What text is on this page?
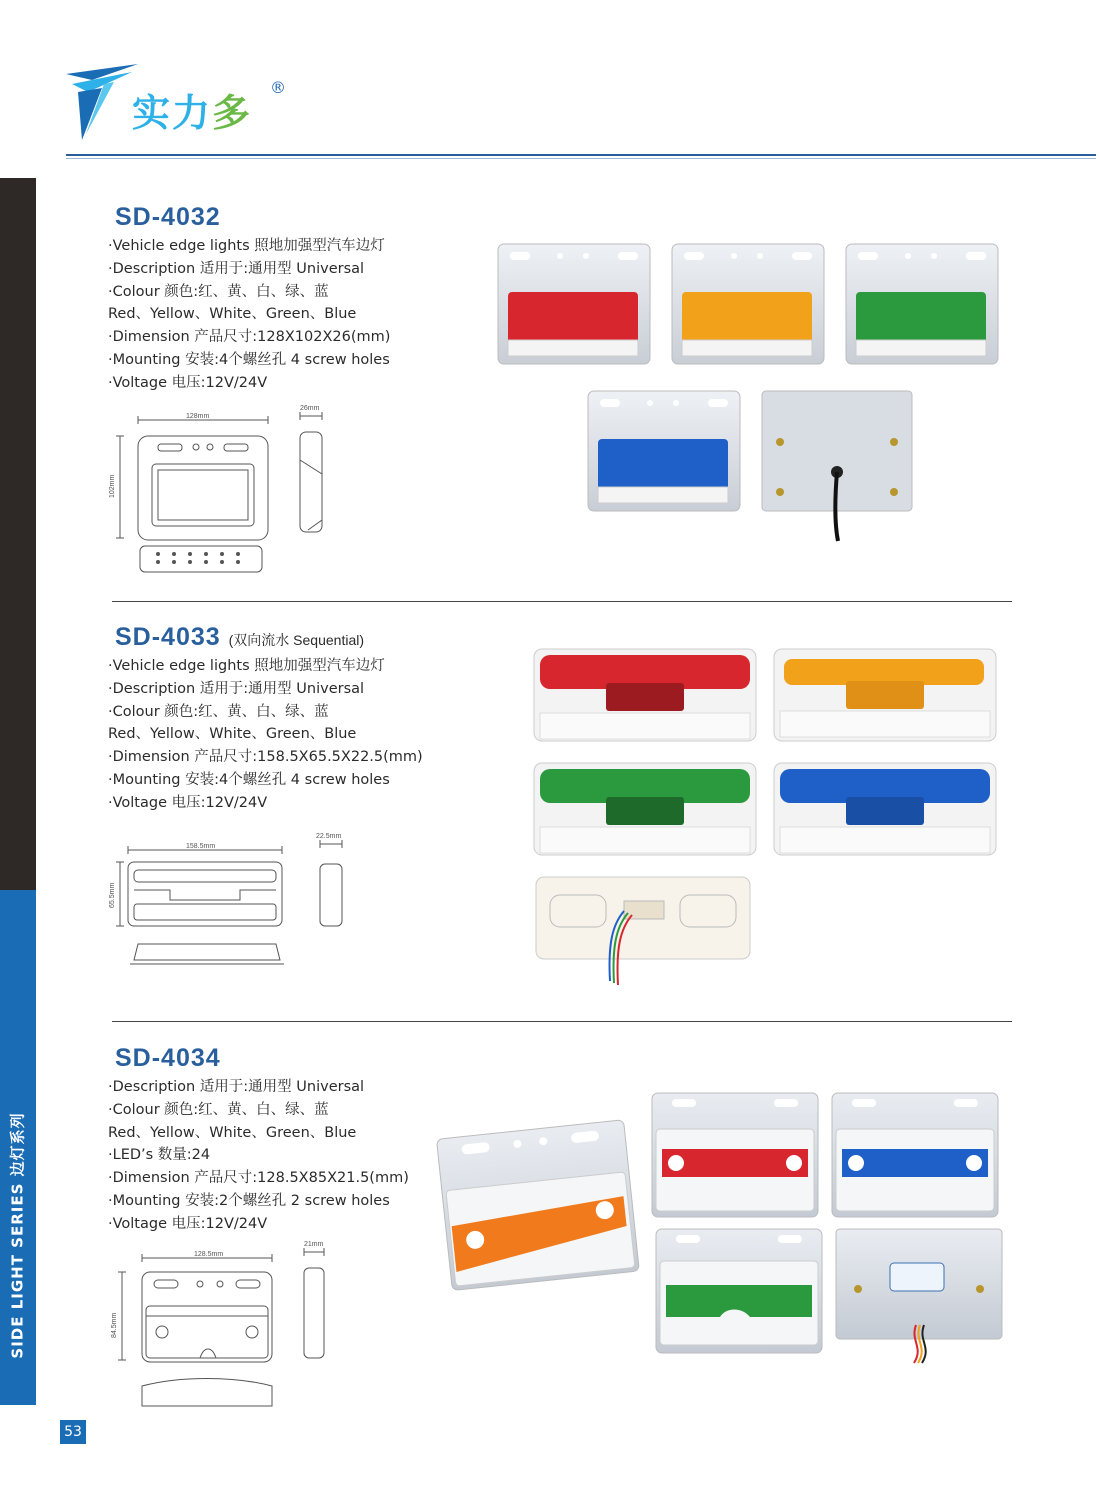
实力多
®
SIDE LIGHT SERIES 边灯系列
53
SD-4032
·Vehicle edge lights 照地加强型汽车边灯
·Description 适用于:通用型 Universal
·Colour 颜色:红、黄、白、绿、蓝
Red、Yellow、White、Green、Blue
·Dimension 产品尺寸:128X102X26(mm)
·Mounting 安装:4个螺丝孔 4 screw holes
·Voltage 电压:12V/24V
128mm
102mm
26mm
SD-4033 (双向流水 Sequential)
·Vehicle edge lights 照地加强型汽车边灯
·Description 适用于:通用型 Universal
·Colour 颜色:红、黄、白、绿、蓝
Red、Yellow、White、Green、Blue
·Dimension 产品尺寸:158.5X65.5X22.5(mm)
·Mounting 安装:4个螺丝孔 4 screw holes
·Voltage 电压:12V/24V
158.5mm
65.5mm
22.5mm
SD-4034
·Description 适用于:通用型 Universal
·Colour 颜色:红、黄、白、绿、蓝
Red、Yellow、White、Green、Blue
·LED’s 数量:24
·Dimension 产品尺寸:128.5X85X21.5(mm)
·Mounting 安装:2个螺丝孔 2 screw holes
·Voltage 电压:12V/24V
128.5mm
84.5mm
21mm
